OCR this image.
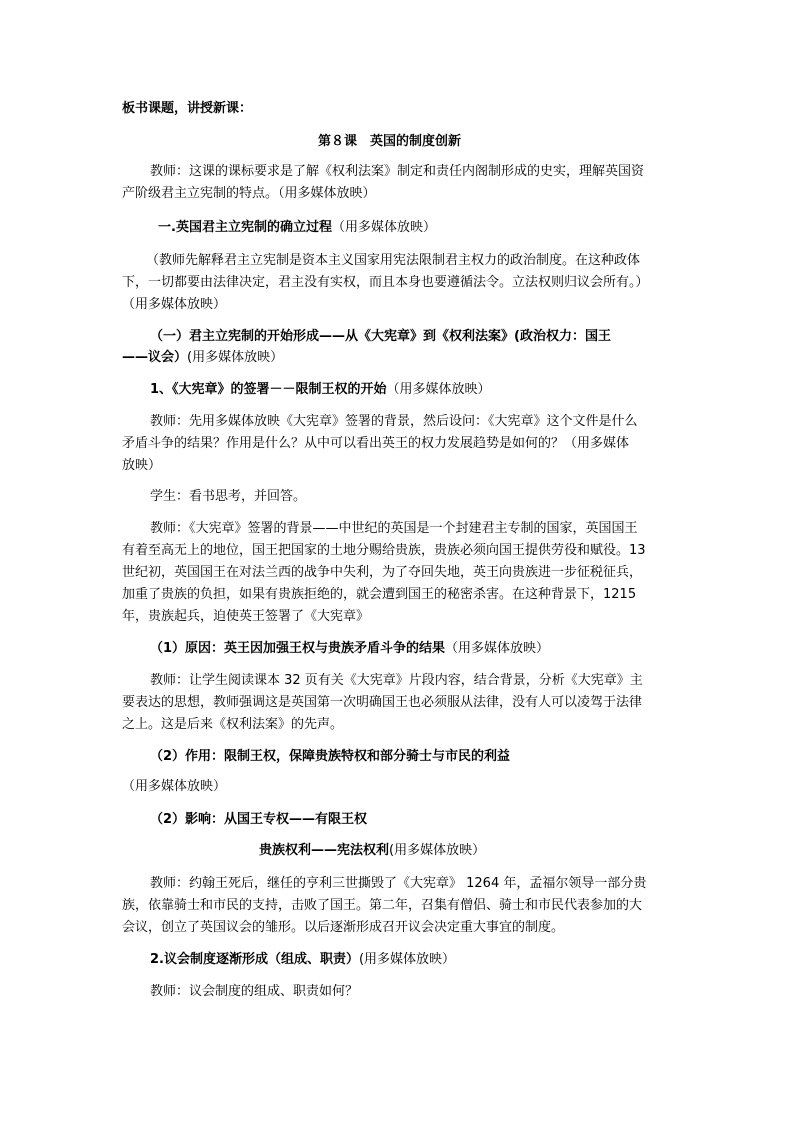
板书课题，讲授新课：
第８课　英国的制度创新
教师：这课的课标要求是了解《权利法案》制定和责任内阁制形成的史实，理解英国资
产阶级君主立宪制的特点。（用多媒体放映）
一.英国君主立宪制的确立过程（用多媒体放映）
（教师先解释君主立宪制是资本主义国家用宪法限制君主权力的政治制度。在这种政体
下，一切都要由法律决定，君主没有实权，而且本身也要遵循法令。立法权则归议会所有。）
（用多媒体放映）
（一）君主立宪制的开始形成——从《大宪章》到《权利法案》(政治权力：国王
——议会）(用多媒体放映）
1、《大宪章》的签署－－限制王权的开始（用多媒体放映）
教师：先用多媒体放映《大宪章》签署的背景，然后设问：《大宪章》这个文件是什么
矛盾斗争的结果？作用是什么？从中可以看出英王的权力发展趋势是如何的？（用多媒体
放映）
学生：看书思考，并回答。
教师：《大宪章》签署的背景——中世纪的英国是一个封建君主专制的国家，英国国王
有着至高无上的地位，国王把国家的土地分赐给贵族，贵族必须向国王提供劳役和赋役。13
世纪初，英国国王在对法兰西的战争中失利，为了夺回失地，英王向贵族进一步征税征兵，
加重了贵族的负担，如果有贵族拒绝的，就会遭到国王的秘密杀害。在这种背景下，1215
年，贵族起兵，迫使英王签署了《大宪章》
（1）原因：英王因加强王权与贵族矛盾斗争的结果（用多媒体放映）
教师：让学生阅读课本 32 页有关《大宪章》片段内容，结合背景，分析《大宪章》主
要表达的思想，教师强调这是英国第一次明确国王也必须服从法律，没有人可以凌驾于法律
之上。这是后来《权利法案》的先声。
（2）作用：限制王权，保障贵族特权和部分骑士与市民的利益
（用多媒体放映）
（2）影响：从国王专权——有限王权
贵族权利——宪法权利(用多媒体放映）
教师：约翰王死后，继任的亨利三世撕毁了《大宪章》 1264 年，孟福尔领导一部分贵
族，依靠骑士和市民的支持，击败了国王。第二年，召集有僧侣、骑士和市民代表参加的大
会议，创立了英国议会的雏形。以后逐渐形成召开议会决定重大事宜的制度。
2.议会制度逐渐形成（组成、职责）(用多媒体放映）
教师：议会制度的组成、职责如何？
